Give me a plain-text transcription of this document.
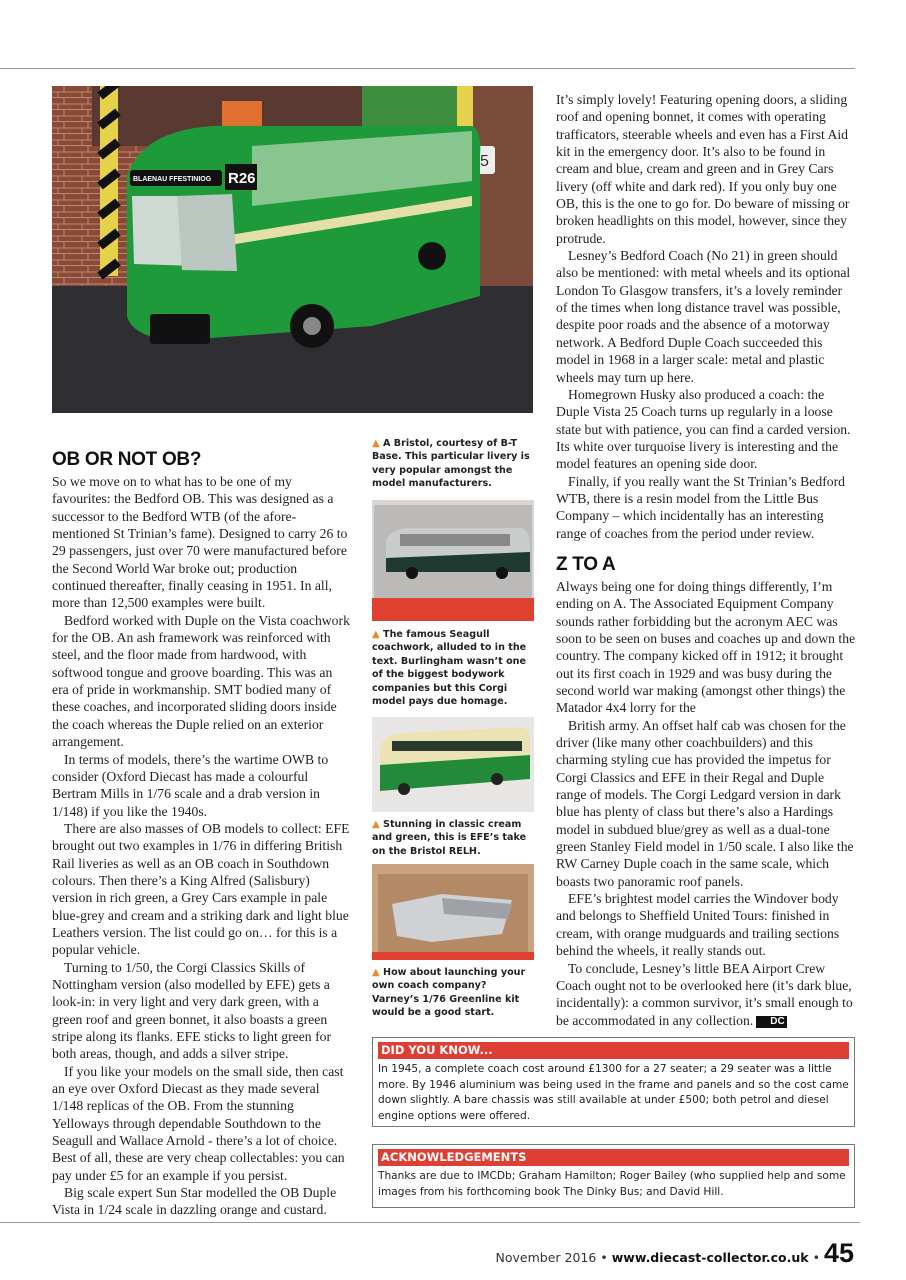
BLAENAU FFESTINIOG R26
5
OB OR NOT OB?

So we move on to what has to be one of my favourites: the Bedford OB. This was designed as a successor to the Bedford WTB (of the afore-mentioned St Trinian’s fame). Designed to carry 26 to 29 passengers, just over 70 were manufactured before the Second World War broke out; production continued thereafter, finally ceasing in 1951. In all, more than 12,500 examples were built.

Bedford worked with Duple on the Vista coachwork for the OB. An ash framework was reinforced with steel, and the floor made from hardwood, with softwood tongue and groove boarding. This was an era of pride in workmanship. SMT bodied many of these coaches, and incorporated sliding doors inside the coach whereas the Duple relied on an exterior arrangement.

In terms of models, there’s the wartime OWB to consider (Oxford Diecast has made a colourful Bertram Mills in 1/76 scale and a drab version in 1/148) if you like the 1940s.

There are also masses of OB models to collect: EFE brought out two examples in 1/76 in differing British Rail liveries as well as an OB coach in Southdown colours. Then there’s a King Alfred (Salisbury) version in rich green, a Grey Cars example in pale blue-grey and cream and a striking dark and light blue Leathers version. The list could go on… for this is a popular vehicle.

Turning to 1/50, the Corgi Classics Skills of Nottingham version (also modelled by EFE) gets a look-in: in very light and very dark green, with a green roof and green bonnet, it also boasts a green stripe along its flanks. EFE sticks to light green for both areas, though, and adds a silver stripe.

If you like your models on the small side, then cast an eye over Oxford Diecast as they made several 1/148 replicas of the OB. From the stunning Yelloways through dependable Southdown to the Seagull and Wallace Arnold - there’s a lot of choice. Best of all, these are very cheap collectables: you can pay under £5 for an example if you persist.

Big scale expert Sun Star modelled the OB Duple Vista in 1/24 scale in dazzling orange and custard.

▲ A Bristol, courtesy of B-T Base. This particular livery is very popular amongst the model manufacturers.
▲ The famous Seagull coachwork, alluded to in the text. Burlingham wasn’t one of the biggest bodywork companies but this Corgi model pays due homage.
▲ Stunning in classic cream and green, this is EFE’s take on the Bristol RELH.
▲ How about launching your own coach company? Varney’s 1/76 Greenline kit would be a good start.

It’s simply lovely! Featuring opening doors, a sliding roof and opening bonnet, it comes with operating trafficators, steerable wheels and even has a First Aid kit in the emergency door. It’s also to be found in cream and blue, cream and green and in Grey Cars livery (off white and dark red). If you only buy one OB, this is the one to go for. Do beware of missing or broken headlights on this model, however, since they protrude.

Lesney’s Bedford Coach (No 21) in green should also be mentioned: with metal wheels and its optional London To Glasgow transfers, it’s a lovely reminder of the times when long distance travel was possible, despite poor roads and the absence of a motorway network. A Bedford Duple Coach succeeded this model in 1968 in a larger scale: metal and plastic wheels may turn up here.

Homegrown Husky also produced a coach: the Duple Vista 25 Coach turns up regularly in a loose state but with patience, you can find a carded version. Its white over turquoise livery is interesting and the model features an opening side door.

Finally, if you really want the St Trinian’s Bedford WTB, there is a resin model from the Little Bus Company – which incidentally has an interesting range of coaches from the period under review.

Z TO A

Always being one for doing things differently, I’m ending on A. The Associated Equipment Company sounds rather forbidding but the acronym AEC was soon to be seen on buses and coaches up and down the country. The company kicked off in 1912; it brought out its first coach in 1929 and was busy during the second world war making (amongst other things) the Matador 4x4 lorry for the

British army. An offset half cab was chosen for the driver (like many other coachbuilders) and this charming styling cue has provided the impetus for Corgi Classics and EFE in their Regal and Duple range of models. The Corgi Ledgard version in dark blue has plenty of class but there’s also a Hardings model in subdued blue/grey as well as a dual-tone green Stanley Field model in 1/50 scale. I also like the RW Carney Duple coach in the same scale, which boasts two panoramic roof panels.

EFE’s brightest model carries the Windover body and belongs to Sheffield United Tours: finished in cream, with orange mudguards and trailing sections behind the wheels, it really stands out.

To conclude, Lesney’s little BEA Airport Crew Coach ought not to be overlooked here (it’s dark blue, incidentally): a common survivor, it’s small enough to be accommodated in any collection. DC

DID YOU KNOW...
In 1945, a complete coach cost around £1300 for a 27 seater; a 29 seater was a little more. By 1946 aluminium was being used in the frame and panels and so the cost came down slightly. A bare chassis was still available at under £500; both petrol and diesel engine options were offered.
ACKNOWLEDGEMENTS
Thanks are due to IMCDb; Graham Hamilton; Roger Bailey (who supplied help and some images from his forthcoming book The Dinky Bus; and David Hill.
November 2016 • www.diecast-collector.co.uk • 45
